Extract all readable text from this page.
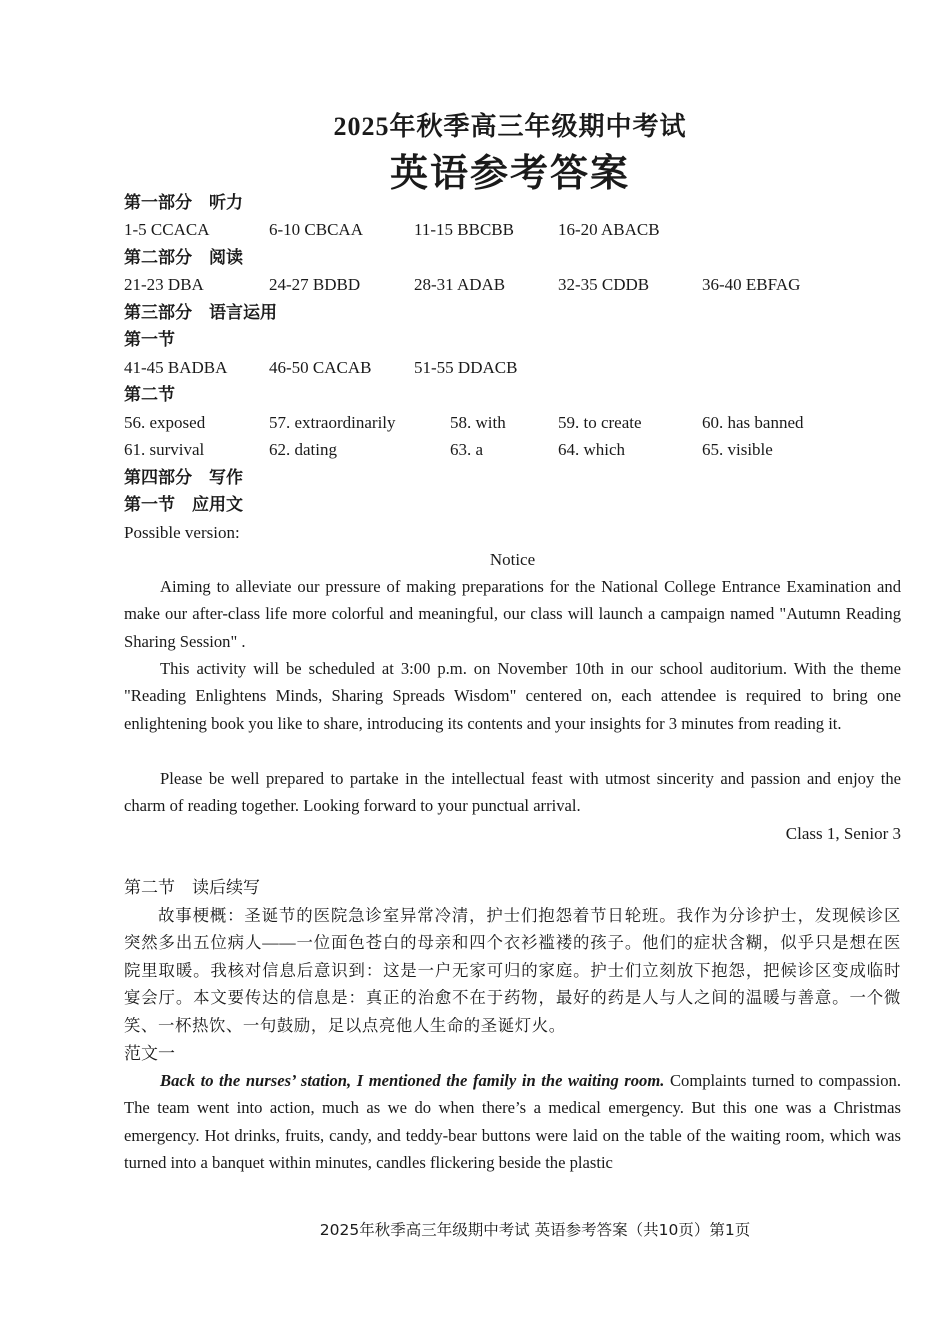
2025年秋季高三年级期中考试
英语参考答案
第一部分　听力
1-5 CCACA	6-10 CBCAA	11-15 BBCBB	16-20 ABACB
第二部分　阅读
21-23 DBA	24-27 BDBD	28-31 ADAB	32-35 CDDB	36-40 EBFAG
第三部分　语言运用
第一节
41-45 BADBA 46-50 CACAB	51-55 DDACB
第二节
56. exposed	57. extraordinarily	58. with	59. to create	60. has banned
61. survival	62. dating	63. a	64. which	65. visible
第四部分　写作
第一节　应用文
Possible version:
Notice
Aiming to alleviate our pressure of making preparations for the National College Entrance Examination and make our after-class life more colorful and meaningful, our class will launch a campaign named "Autumn Reading Sharing Session" .
This activity will be scheduled at 3:00 p.m. on November 10th in our school auditorium. With the theme "Reading Enlightens Minds, Sharing Spreads Wisdom" centered on, each attendee is required to bring one enlightening book you like to share, introducing its contents and your insights for 3 minutes from reading it.
Please be well prepared to partake in the intellectual feast with utmost sincerity and passion and enjoy the charm of reading together. Looking forward to your punctual arrival.
Class 1, Senior 3
第二节　读后续写
故事梗概：圣诞节的医院急诊室异常冷清，护士们抱怨着节日轮班。我作为分诊护士，发现候诊区突然多出五位病人——一位面色苍白的母亲和四个衣衫褴褛的孩子。他们的症状含糊，似乎只是想在医院里取暖。我核对信息后意识到：这是一户无家可归的家庭。护士们立刻放下抱怨，把候诊区变成临时宴会厅。本文要传达的信息是：真正的治愈不在于药物，最好的药是人与人之间的温暖与善意。一个微笑、一杯热饮、一句鼓励，足以点亮他人生命的圣诞灯火。
范文一
Back to the nurses’ station, I mentioned the family in the waiting room. Complaints turned to compassion. The team went into action, much as we do when there’s a medical emergency. But this one was a Christmas emergency. Hot drinks, fruits, candy, and teddy-bear buttons were laid on the table of the waiting room, which was turned into a banquet within minutes, candles flickering beside the plastic
2025年秋季高三年级期中考试 英语参考答案（共10页）第1页
